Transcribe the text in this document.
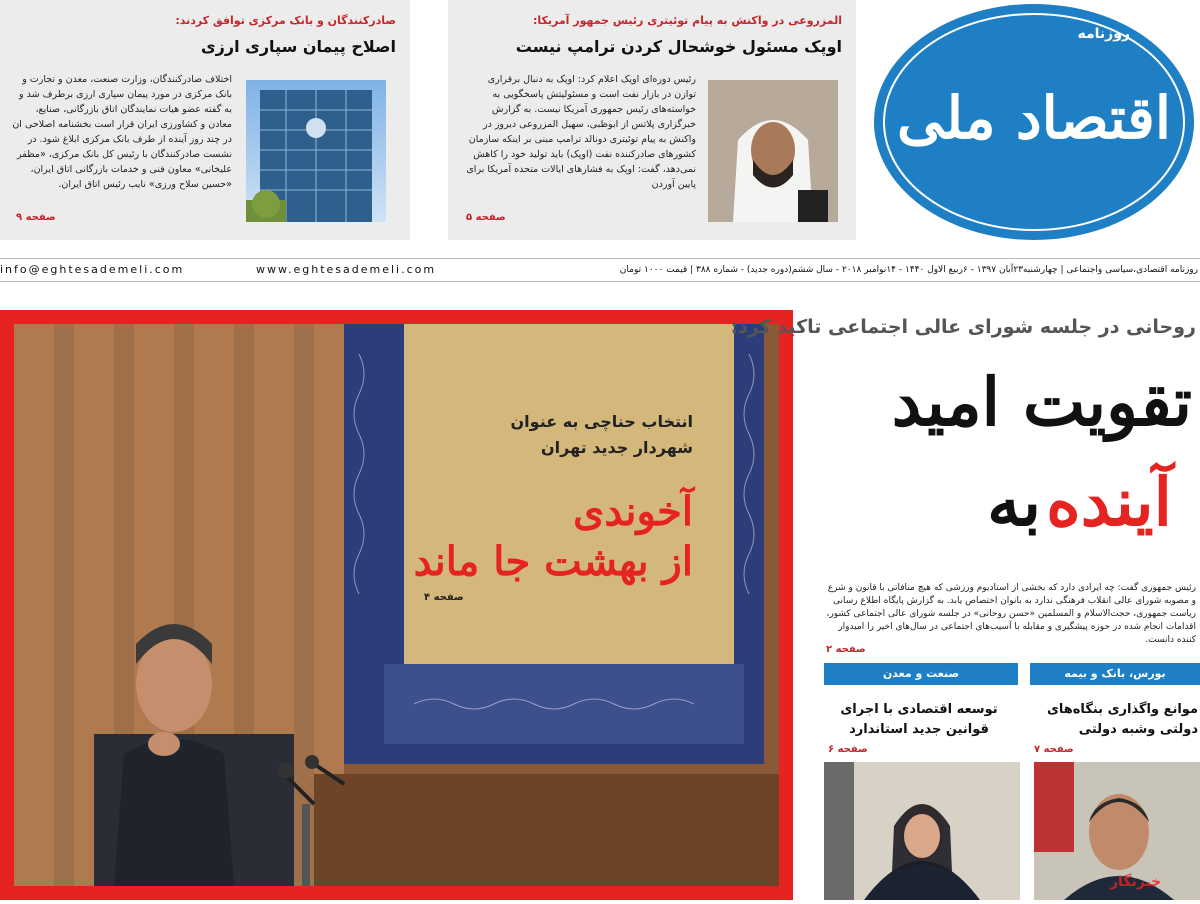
صادرکنندگان و بانک مرکزی توافق کردند:
اصلاح پیمان سپاری ارزی
اختلاف صادرکنندگان، وزارت صنعت، معدن و تجارت و بانک مرکزی در مورد پیمان سپاری ارزی برطرف شد و به گفته عضو هیات نمایندگان اتاق بازرگانی، صنایع، معادن و کشاورزی ایران قرار است بخشنامه اصلاحی ان در چند روز آینده از طرف بانک مرکزی ابلاغ شود. در نشست صادرکنندگان با رئیس کل بانک مرکزی، «مظفر علیخانی» معاون فنی و خدمات بازرگانی اتاق ایران، «حسین سلاح ورزی» نایب رئیس اتاق ایران.
صفحه ۹
المزروعی در واکنش به پیام توئیتری رئیس جمهور آمریکا:
اوپک مسئول خوشحال کردن ترامپ نیست
رئیس دوره‌ای اوپک اعلام کرد: اوپک به دنبال برقراری توازن در بازار نفت است و مسئولیتش پاسخگویی به خواسته‌های رئیس جمهوری آمریکا نیست. به گزارش خبرگزاری پلاتس از ابوظبی، سهیل المزروعی دیروز در واکنش به پیام توئیتری دونالد ترامپ مبنی بر اینکه سازمان کشورهای صادرکننده نفت (اوپک) باید تولید خود را کاهش نمی‌دهد، گفت: اوپک به فشارهای ایالات متحده آمریکا برای پایین آوردن
صفحه ۵
روزنامه
اقتصاد ملی
روزنامه اقتصادی،سیاسی واجتماعی | چهارشنبه۲۳آبان ۱۳۹۷ - ۶ربیع الاول ۱۴۴۰ - ۱۴نوامبر ۲۰۱۸ - سال ششم(دوره جدید) - شماره ۳۸۸ | قیمت ۱۰۰۰ تومان
www.eghtesademeli.com
info@eghtesademeli.com
انتخاب حناچی به عنوان
شهردار جدید تهران
آخوندی
از بهشت جا ماند
صفحه ۴
روحانی در جلسه شورای عالی اجتماعی تاکید کرد:
تقویت امید
آینده به
رئیس جمهوری گفت: چه ایرادی دارد که بخشی از استادیوم ورزشی که هیچ منافاتی با قانون و شرع و مصوبه شورای عالی انقلاب فرهنگی ندارد به بانوان اختصاص یابد. به گزارش پایگاه اطلاع رسانی ریاست جمهوری، حجت‌الاسلام و المسلمین «حسن روحانی» در جلسه شورای عالی اجتماعی کشور، اقدامات انجام شده در حوزه پیشگیری و مقابله با آسیب‌های اجتماعی در سال‌های اخیر را امیدوار کننده دانست.
صفحه ۲
بورس، بانک و بیمه
صنعت و معدن
موانع واگذاری بنگاه‌های دولتی وشبه دولتی
صفحه ۷
توسعه اقتصادی با اجرای قوانین جدید استاندارد
صفحه ۶
خبرنگار
